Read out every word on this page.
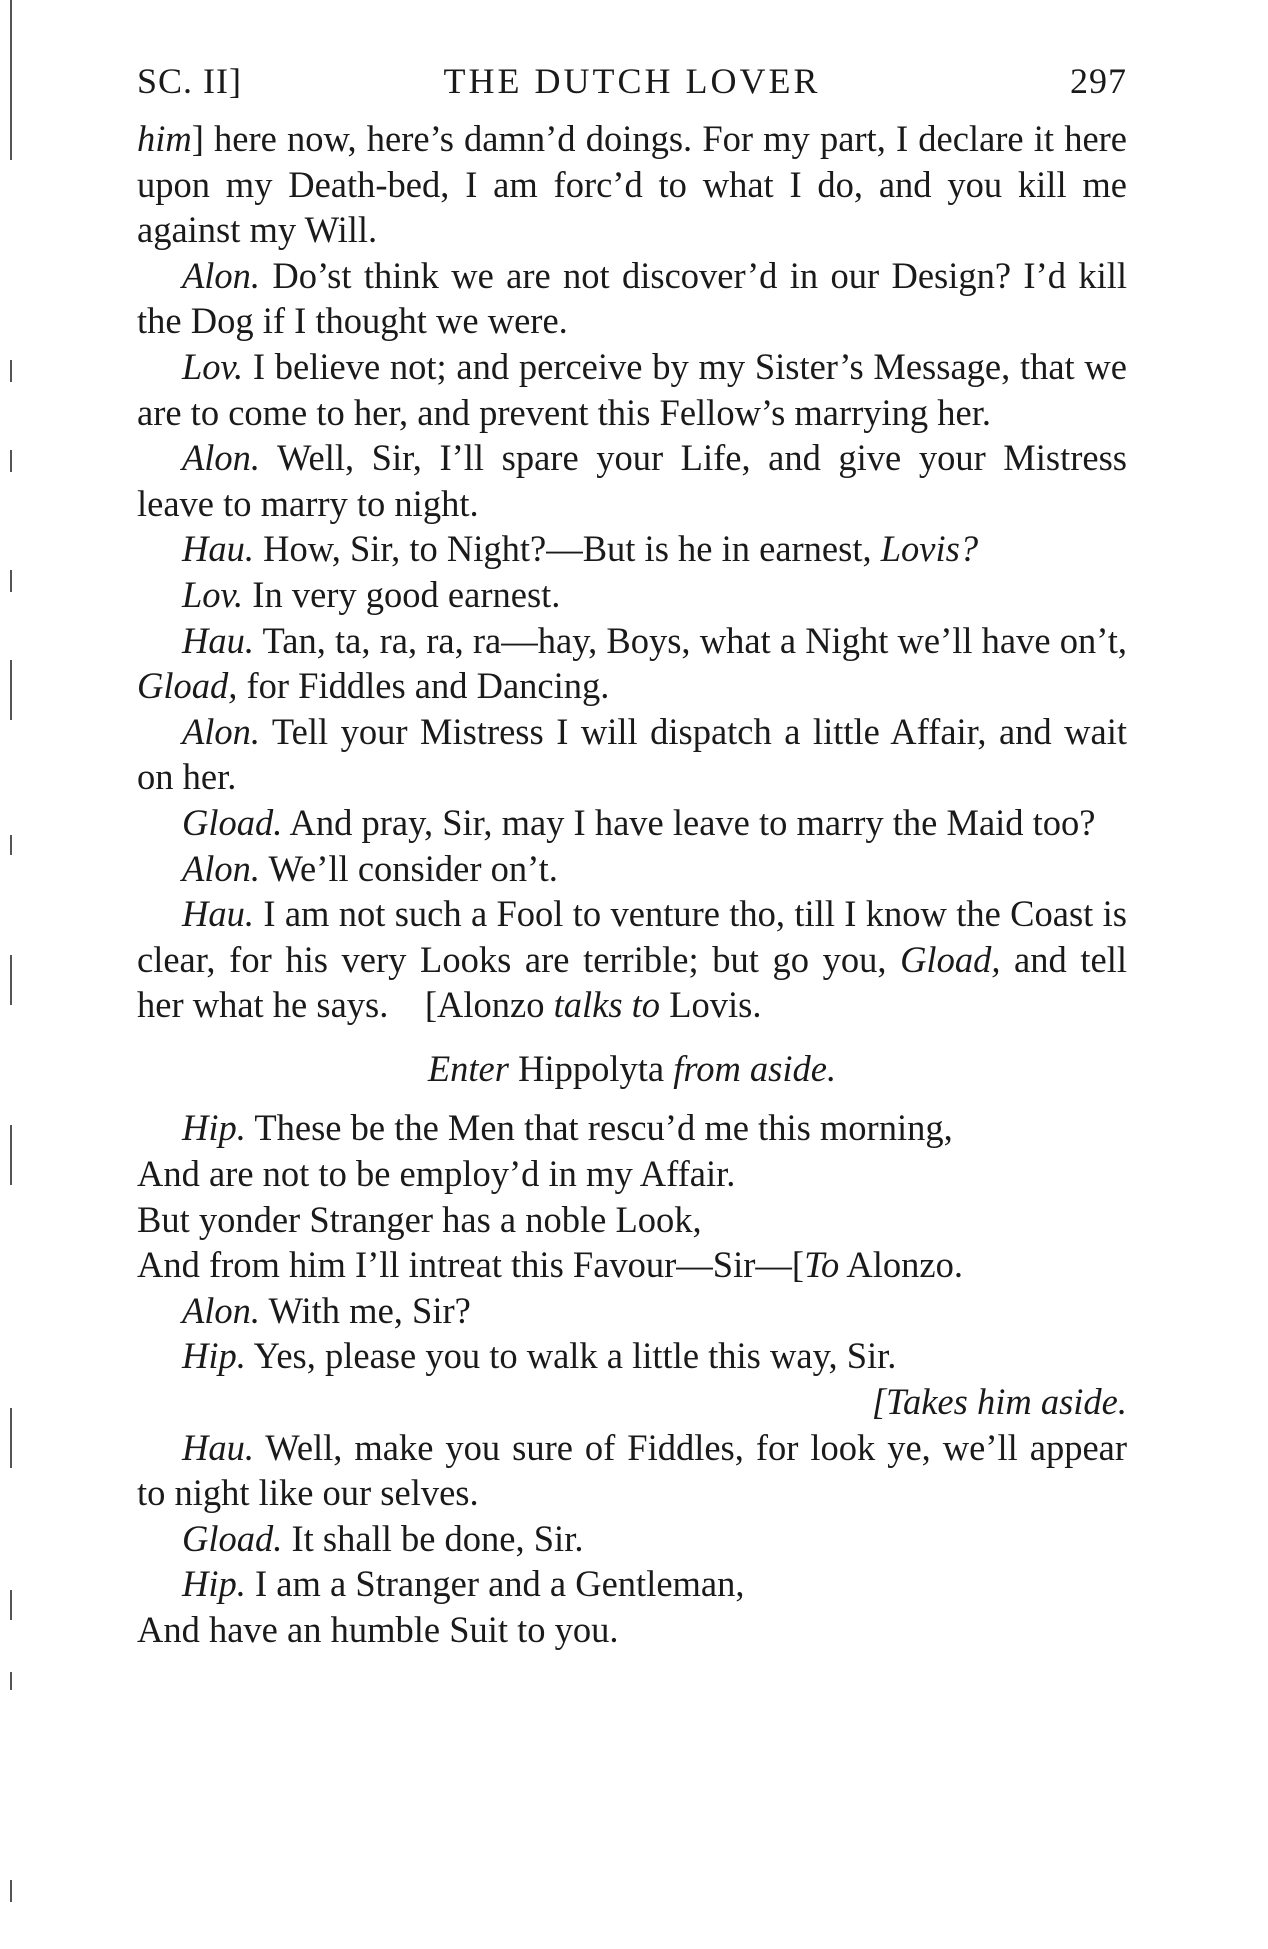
SC. II]	THE DUTCH LOVER	297

him] here now, here’s damn’d doings. For my part, I declare it here upon my Death-bed, I am forc’d to what I do, and you kill me against my Will.

Alon. Do’st think we are not discover’d in our Design? I’d kill the Dog if I thought we were.

Lov. I believe not; and perceive by my Sister’s Message, that we are to come to her, and prevent this Fellow’s marrying her.

Alon. Well, Sir, I’ll spare your Life, and give your Mistress leave to marry to night.

Hau. How, Sir, to Night?—But is he in earnest, Lovis?

Lov. In very good earnest.

Hau. Tan, ta, ra, ra, ra—hay, Boys, what a Night we’ll have on’t, Gload, for Fiddles and Dancing.

Alon. Tell your Mistress I will dispatch a little Affair, and wait on her.

Gload. And pray, Sir, may I have leave to marry the Maid too?

Alon. We’ll consider on’t.

Hau. I am not such a Fool to venture tho, till I know the Coast is clear, for his very Looks are terrible; but go you, Gload, and tell her what he says. [Alonzo talks to Lovis.

Enter Hippolyta from aside.

Hip. These be the Men that rescu’d me this morning,

And are not to be employ’d in my Affair.

But yonder Stranger has a noble Look,

And from him I’ll intreat this Favour—Sir—[To Alonzo.

Alon. With me, Sir?

Hip. Yes, please you to walk a little this way, Sir.

[Takes him aside.

Hau. Well, make you sure of Fiddles, for look ye, we’ll appear to night like our selves.

Gload. It shall be done, Sir.

Hip. I am a Stranger and a Gentleman,

And have an humble Suit to you.
